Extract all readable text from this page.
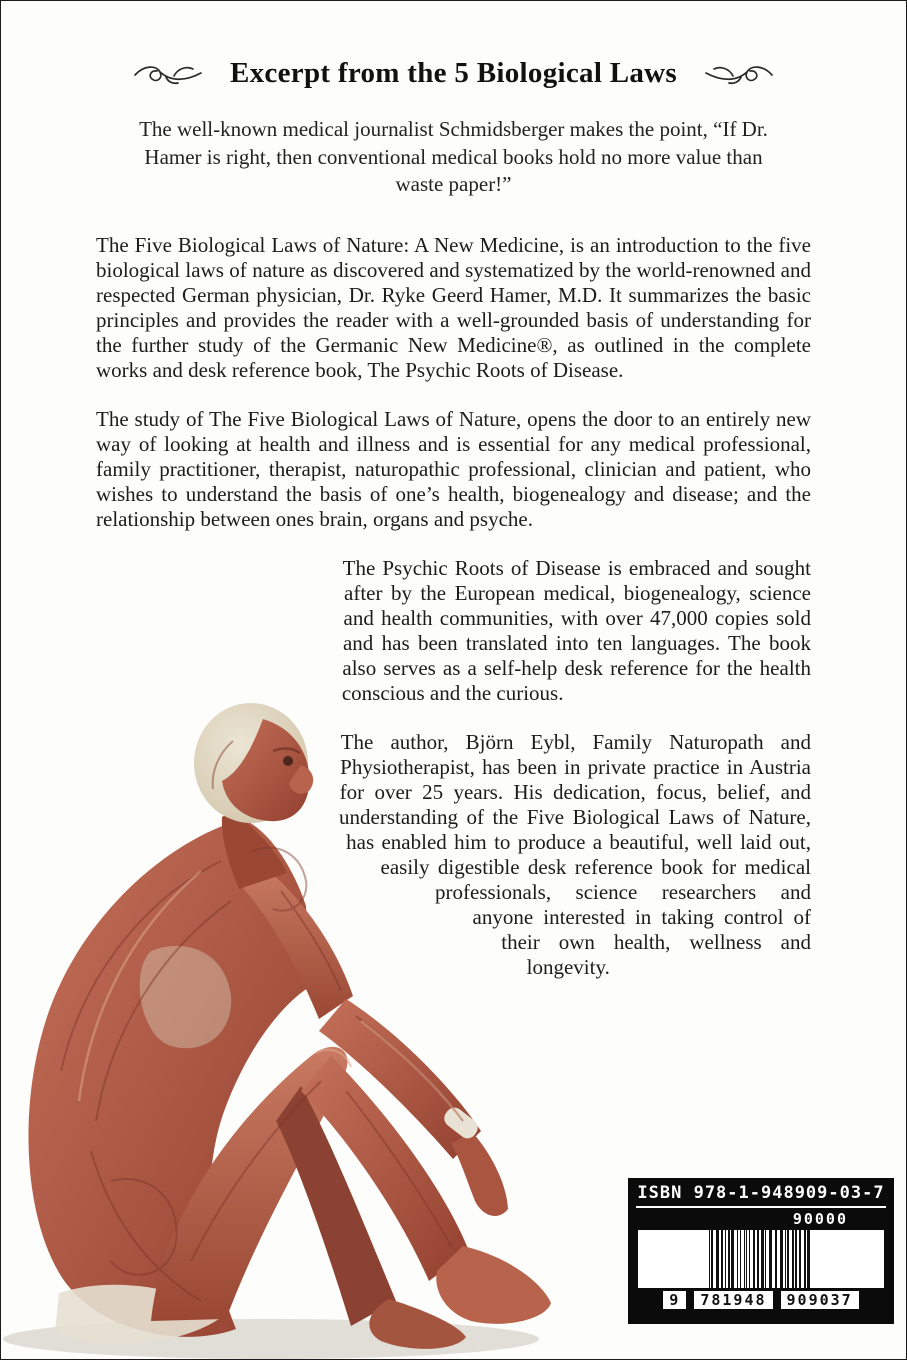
Excerpt from the 5 Biological Laws
The well-known medical journalist Schmidsberger makes the point, “If Dr. Hamer is right, then conventional medical books hold no more value than waste paper!”

The Five Biological Laws of Nature: A New Medicine, is an introduction to the five biological laws of nature as discovered and systematized by the world-renowned and respected German physician, Dr. Ryke Geerd Hamer, M.D. It summarizes the basic principles and provides the reader with a well-grounded basis of understanding for the further study of the Germanic New Medicine®, as outlined in the complete works and desk reference book, The Psychic Roots of Disease.

The study of The Five Biological Laws of Nature, opens the door to an entirely new way of looking at health and illness and is essential for any medical professional, family practitioner, therapist, naturopathic professional, clinician and patient, who wishes to understand the basis of one’s health, biogenealogy and disease; and the relationship between ones brain, organs and psyche.

The Psychic Roots of Disease is embraced and sought after by the European medical, biogenealogy, science and health communities, with over 47,000 copies sold and has been translated into ten languages. The book also serves as a self-help desk reference for the health conscious and the curious.

The author, Björn Eybl, Family Naturopath and Physiotherapist, has been in private practice in Austria for over 25 years. His dedication, focus, belief, and understanding of the Five Biological Laws of Nature, has enabled him to produce a beautiful, well laid out, easily digestible desk reference book for medical professionals, science researchers and anyone interested in taking control of their own health, wellness and longevity.

ISBN 978-1-948909-03-7
90000
9	781948	909037
